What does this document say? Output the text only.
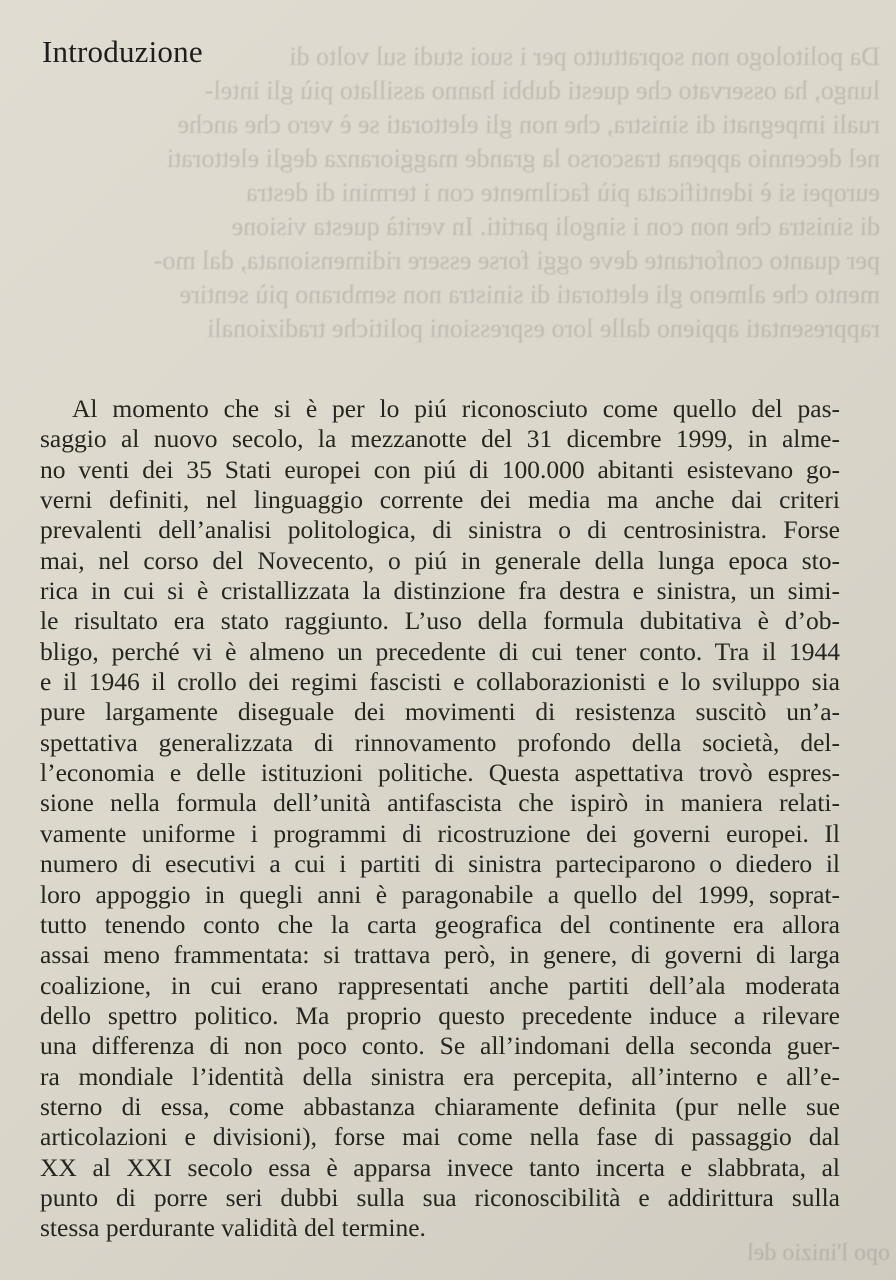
Da politologo non soprattutto per i suoi studi sul volto di
lungo, ha osservato che questi dubbi hanno assillato più gli intel-
ruali impegnati di sinistra, che non gli elettorati se è vero che anche
nel decennio appena trascorso la grande maggioranza degli elettorati
europei si è identificata più facilmente con i termini di destra
di sinistra che non con i singoli partiti. In verità questa visione
per quanto confortante deve oggi forse essere ridimensionata, dal mo-
mento che almeno gli elettorati di sinistra non sembrano più sentire
rappresentati appieno dalle loro espressioni politiche tradizionali
opo l'inizio del
Introduzione
Al momento che si è per lo piú riconosciuto come quello del pas-
saggio al nuovo secolo, la mezzanotte del 31 dicembre 1999, in alme-
no venti dei 35 Stati europei con piú di 100.000 abitanti esistevano go-
verni definiti, nel linguaggio corrente dei media ma anche dai criteri
prevalenti dell’analisi politologica, di sinistra o di centrosinistra. Forse
mai, nel corso del Novecento, o piú in generale della lunga epoca sto-
rica in cui si è cristallizzata la distinzione fra destra e sinistra, un simi-
le risultato era stato raggiunto. L’uso della formula dubitativa è d’ob-
bligo, perché vi è almeno un precedente di cui tener conto. Tra il 1944
e il 1946 il crollo dei regimi fascisti e collaborazionisti e lo sviluppo sia
pure largamente diseguale dei movimenti di resistenza suscitò un’a-
spettativa generalizzata di rinnovamento profondo della società, del-
l’economia e delle istituzioni politiche. Questa aspettativa trovò espres-
sione nella formula dell’unità antifascista che ispirò in maniera relati-
vamente uniforme i programmi di ricostruzione dei governi europei. Il
numero di esecutivi a cui i partiti di sinistra parteciparono o diedero il
loro appoggio in quegli anni è paragonabile a quello del 1999, soprat-
tutto tenendo conto che la carta geografica del continente era allora
assai meno frammentata: si trattava però, in genere, di governi di larga
coalizione, in cui erano rappresentati anche partiti dell’ala moderata
dello spettro politico. Ma proprio questo precedente induce a rilevare
una differenza di non poco conto. Se all’indomani della seconda guer-
ra mondiale l’identità della sinistra era percepita, all’interno e all’e-
sterno di essa, come abbastanza chiaramente definita (pur nelle sue
articolazioni e divisioni), forse mai come nella fase di passaggio dal
XX al XXI secolo essa è apparsa invece tanto incerta e slabbrata, al
punto di porre seri dubbi sulla sua riconoscibilità e addirittura sulla
stessa perdurante validità del termine.
